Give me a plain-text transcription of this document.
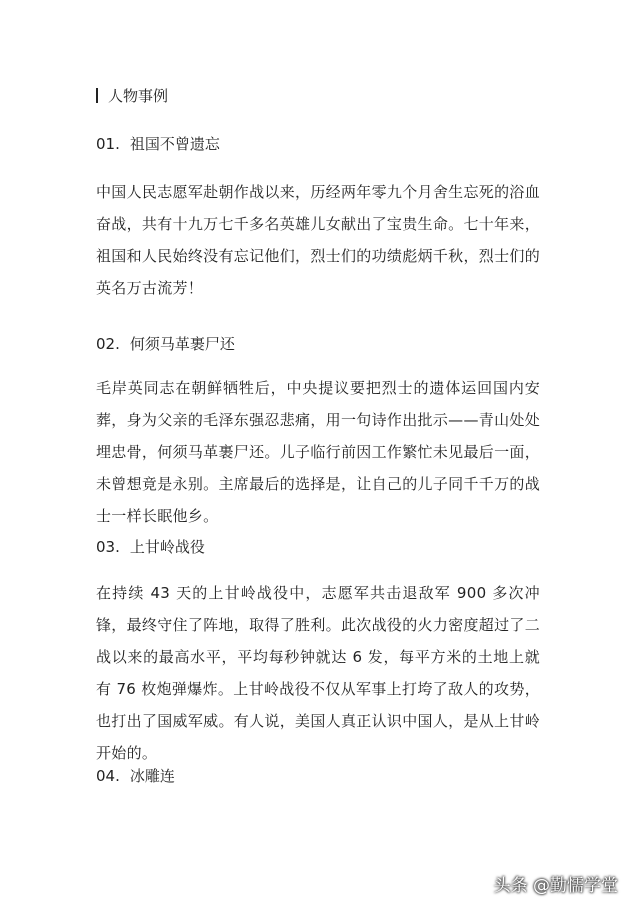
人物事例
01. 祖国不曾遗忘
中国人民志愿军赴朝作战以来，历经两年零九个月舍生忘死的浴血奋战，共有十九万七千多名英雄儿女献出了宝贵生命。七十年来，祖国和人民始终没有忘记他们，烈士们的功绩彪炳千秋，烈士们的英名万古流芳！
02. 何须马革裹尸还
毛岸英同志在朝鲜牺牲后，中央提议要把烈士的遗体运回国内安葬，身为父亲的毛泽东强忍悲痛，用一句诗作出批示——青山处处埋忠骨，何须马革裹尸还。儿子临行前因工作繁忙未见最后一面，未曾想竟是永别。主席最后的选择是，让自己的儿子同千千万的战士一样长眠他乡。
03. 上甘岭战役
在持续 43 天的上甘岭战役中，志愿军共击退敌军 900 多次冲锋，最终守住了阵地，取得了胜利。此次战役的火力密度超过了二战以来的最高水平，平均每秒钟就达 6 发，每平方米的土地上就有 76 枚炮弹爆炸。上甘岭战役不仅从军事上打垮了敌人的攻势，也打出了国威军威。有人说，美国人真正认识中国人，是从上甘岭开始的。
04. 冰雕连
头条 @勤懦学堂
